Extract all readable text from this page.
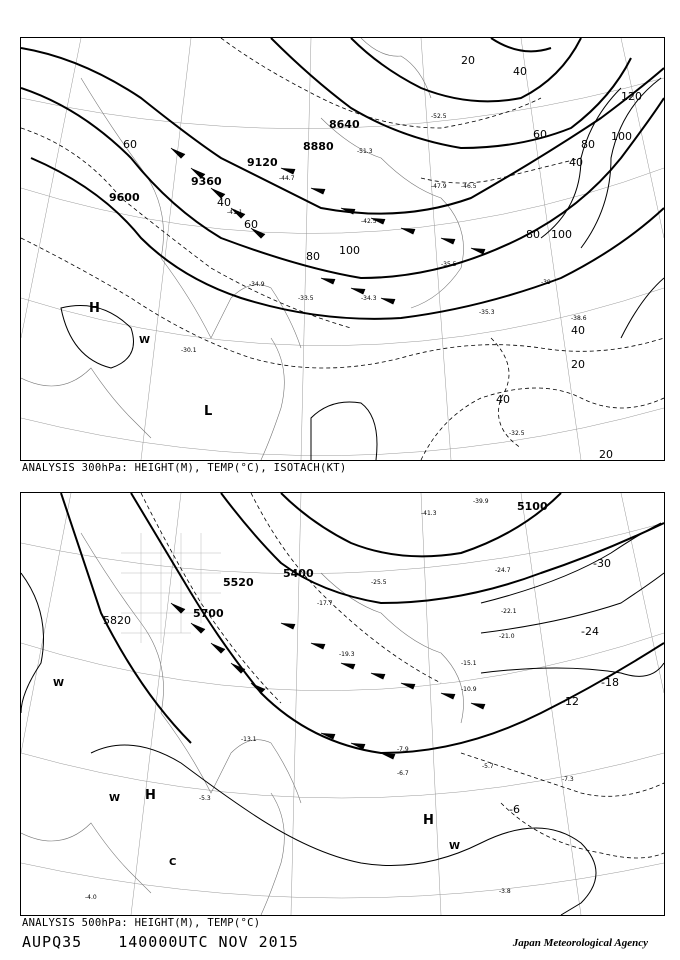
9600
9360
9120
8640
8880
60
40
60
80 100
20
40
60
80
100
120
40
20
40
40
20
80 100
H
W
L
-51.3
-52.5
-47.9 -46.5
-42.5
-35.5
-34.3
-33.5
-39
-35.3
-32.5
-30.1
-38.6
-44.7
-41.1
-34.9
ANALYSIS 300hPa: HEIGHT(M), TEMP(°C), ISOTACH(KT)
5100
5400
5520
5700
5820
-30
-24
-18
-12
-6
W
H
W
C
H
W
-41.3
-39.9
-25.5
-24.7
-22.1
-21.0
-19.3
-15.1
-10.9
-7.9
-6.7
-5.7
-7.3
-3.8
-4.0
-5.3
-17.7
-13.1
ANALYSIS 500hPa: HEIGHT(M), TEMP(°C)
AUPQ35 140000UTC NOV 2015	Japan Meteorological Agency
